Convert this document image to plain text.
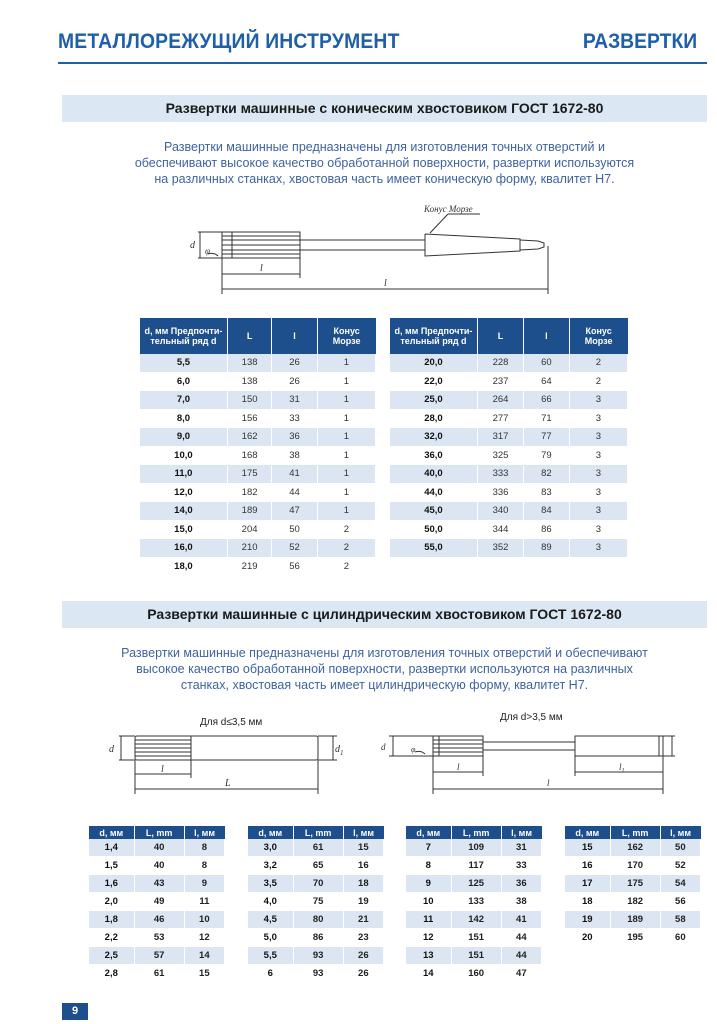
МЕТАЛЛОРЕЖУЩИЙ ИНСТРУМЕНТ	РАЗВЕРТКИ
Развертки машинные с коническим хвостовиком ГОСТ 1672-80
Развертки машинные предназначены для изготовления точных отверстий и
обеспечивают высокое качество обработанной поверхности, развертки используются
на различных станках, хвостовая часть имеет коническую форму, квалитет Н7.
Конус Морзе
d φ
l
l
d, мм Предпочти-тельный ряд d	L	l	Конус Морзе
5,5	138	26	1
6,0	138	26	1
7,0	150	31	1
8,0	156	33	1
9,0	162	36	1
10,0	168	38	1
11,0	175	41	1
12,0	182	44	1
14,0	189	47	1
15,0	204	50	2
16,0	210	52	2
18,0	219	56	2
d, мм Предпочти-тельный ряд d	L	l	Конус Морзе
20,0	228	60	2
22,0	237	64	2
25,0	264	66	3
28,0	277	71	3
32,0	317	77	3
36,0	325	79	3
40,0	333	82	3
44,0	336	83	3
45,0	340	84	3
50,0	344	86	3
55,0	352	89	3
Развертки машинные с цилиндрическим хвостовиком ГОСТ 1672-80
Развертки машинные предназначены для изготовления точных отверстий и обеспечивают
высокое качество обработанной поверхности, развертки используются на различных
станках, хвостовая часть имеет цилиндрическую форму, квалитет Н7.
Для d≤3,5 мм	Для d>3,5 мм
d	$d_1$
l
L
d	φ
l	$l_1$
l
d, мм	L, mm	l, мм
1,4	40	8
1,5	40	8
1,6	43	9
2,0	49	11
1,8	46	10
2,2	53	12
2,5	57	14
2,8	61	15
d, мм	L, mm	l, мм
3,0	61	15
3,2	65	16
3,5	70	18
4,0	75	19
4,5	80	21
5,0	86	23
5,5	93	26
6	93	26
d, мм	L, mm	l, мм
7	109	31
8	117	33
9	125	36
10	133	38
11	142	41
12	151	44
13	151	44
14	160	47
d, мм	L, mm	l, мм
15	162	50
16	170	52
17	175	54
18	182	56
19	189	58
20	195	60
9
